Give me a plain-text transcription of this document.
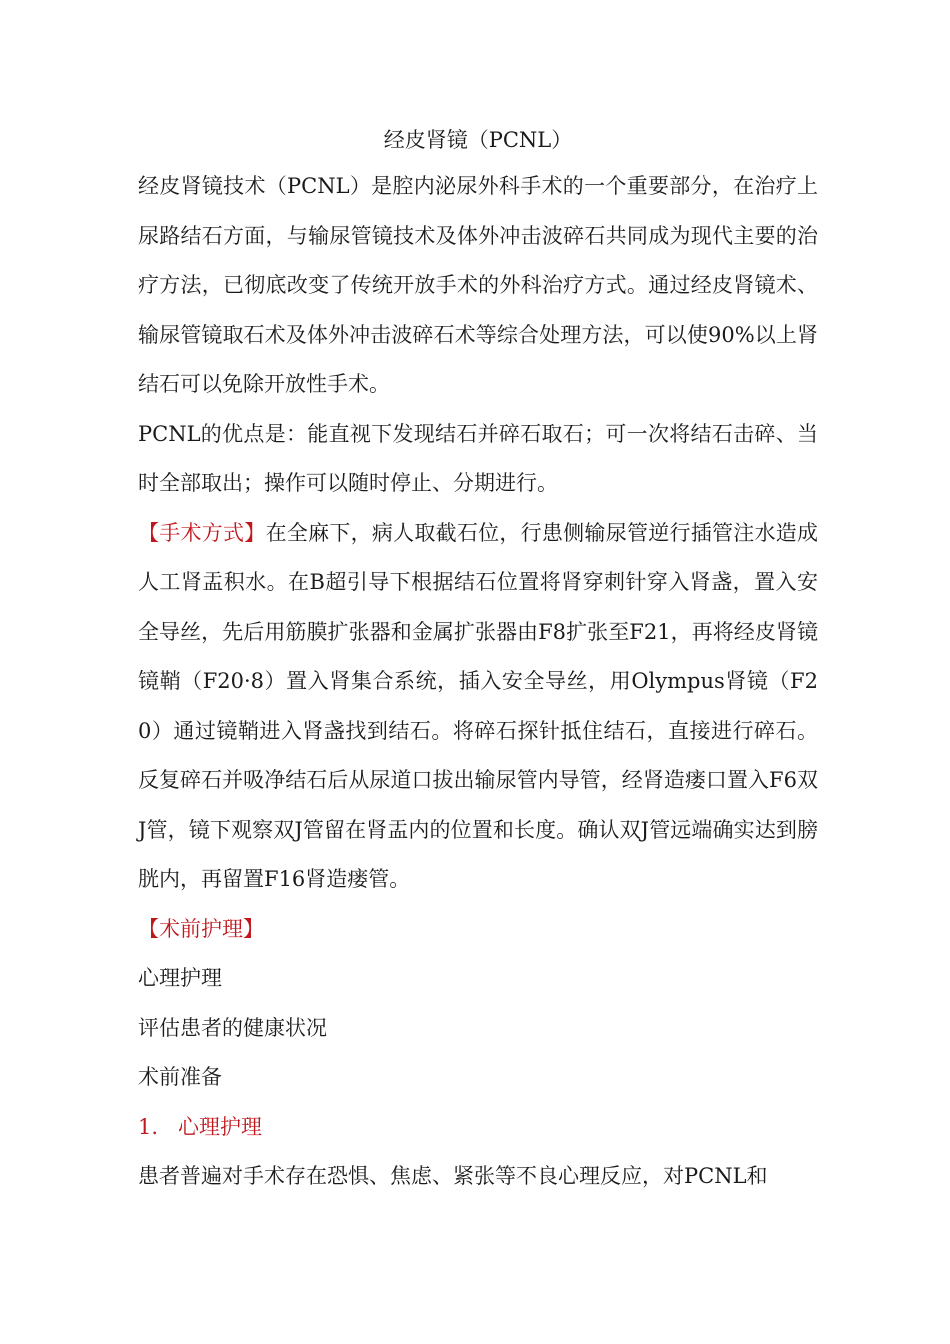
经皮肾镜（PCNL）

经皮肾镜技术（PCNL）是腔内泌尿外科手术的一个重要部分，在治疗上尿路结石方面，与输尿管镜技术及体外冲击波碎石共同成为现代主要的治疗方法，已彻底改变了传统开放手术的外科治疗方式。通过经皮肾镜术、输尿管镜取石术及体外冲击波碎石术等综合处理方法，可以使90%以上肾结石可以免除开放性手术。

PCNL的优点是：能直视下发现结石并碎石取石；可一次将结石击碎、当时全部取出；操作可以随时停止、分期进行。

【手术方式】在全麻下，病人取截石位，行患侧输尿管逆行插管注水造成人工肾盂积水。在B超引导下根据结石位置将肾穿刺针穿入肾盏，置入安全导丝，先后用筋膜扩张器和金属扩张器由F8扩张至F21，再将经皮肾镜镜鞘（F20·8）置入肾集合系统，插入安全导丝，用Olympus肾镜（F20）通过镜鞘进入肾盏找到结石。将碎石探针抵住结石，直接进行碎石。反复碎石并吸净结石后从尿道口拔出输尿管内导管，经肾造瘘口置入F6双J管，镜下观察双J管留在肾盂内的位置和长度。确认双J管远端确实达到膀胱内，再留置F16肾造瘘管。

【术前护理】

心理护理

评估患者的健康状况

术前准备

1. 心理护理

患者普遍对手术存在恐惧、焦虑、紧张等不良心理反应，对PCNL和
